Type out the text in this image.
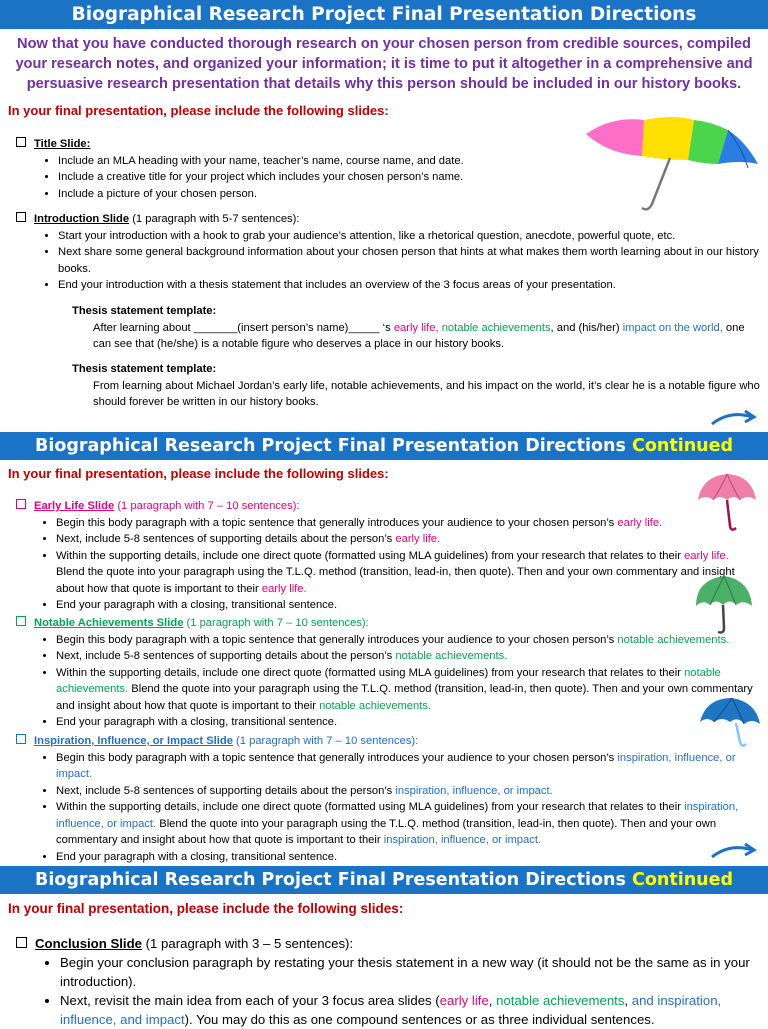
Biographical Research Project Final Presentation Directions
Now that you have conducted thorough research on your chosen person from credible sources, compiled your research notes, and organized your information; it is time to put it altogether in a comprehensive and persuasive research presentation that details why this person should be included in our history books.
In your final presentation, please include the following slides:
Title Slide:
• Include an MLA heading with your name, teacher’s name, course name, and date.
• Include a creative title for your project which includes your chosen person’s name.
• Include a picture of your chosen person.
Introduction Slide (1 paragraph with 5-7 sentences):
• Start your introduction with a hook to grab your audience’s attention, like a rhetorical question, anecdote, powerful quote, etc.
• Next share some general background information about your chosen person that hints at what makes them worth learning about in our history books.
• End your introduction with a thesis statement that includes an overview of the 3 focus areas of your presentation.
Thesis statement template:
After learning about _______(insert person’s name)_____ ‘s early life, notable achievements, and (his/her) impact on the world, one can see that (he/she) is a notable figure who deserves a place in our history books.
Thesis statement template:
From learning about Michael Jordan’s early life, notable achievements, and his impact on the world, it’s clear he is a notable figure who should forever be written in our history books.
Biographical Research Project Final Presentation Directions Continued
In your final presentation, please include the following slides:
Early Life Slide (1 paragraph with 7 – 10 sentences):
• Begin this body paragraph with a topic sentence that generally introduces your audience to your chosen person’s early life.
• Next, include 5-8 sentences of supporting details about the person’s early life.
• Within the supporting details, include one direct quote (formatted using MLA guidelines) from your research that relates to their early life. Blend the quote into your paragraph using the T.L.Q. method (transition, lead-in, then quote). Then and your own commentary and insight about how that quote is important to their early life.
• End your paragraph with a closing, transitional sentence.
Notable Achievements Slide (1 paragraph with 7 – 10 sentences):
• Begin this body paragraph with a topic sentence that generally introduces your audience to your chosen person’s notable achievements.
• Next, include 5-8 sentences of supporting details about the person’s notable achievements.
• Within the supporting details, include one direct quote (formatted using MLA guidelines) from your research that relates to their notable achievements. Blend the quote into your paragraph using the T.L.Q. method (transition, lead-in, then quote). Then and your own commentary and insight about how that quote is important to their notable achievements.
• End your paragraph with a closing, transitional sentence.
Inspiration, Influence, or Impact Slide (1 paragraph with 7 – 10 sentences):
• Begin this body paragraph with a topic sentence that generally introduces your audience to your chosen person’s inspiration, influence, or impact.
• Next, include 5-8 sentences of supporting details about the person’s inspiration, influence, or impact.
• Within the supporting details, include one direct quote (formatted using MLA guidelines) from your research that relates to their inspiration, influence, or impact. Blend the quote into your paragraph using the T.L.Q. method (transition, lead-in, then quote). Then and your own commentary and insight about how that quote is important to their inspiration, influence, or impact.
• End your paragraph with a closing, transitional sentence.
Biographical Research Project Final Presentation Directions Continued
In your final presentation, please include the following slides:
Conclusion Slide (1 paragraph with 3 – 5 sentences):
• Begin your conclusion paragraph by restating your thesis statement in a new way (it should not be the same as in your introduction).
• Next, revisit the main idea from each of your 3 focus area slides (early life, notable achievements, and inspiration, influence, and impact). You may do this as one compound sentences or as three individual sentences.
